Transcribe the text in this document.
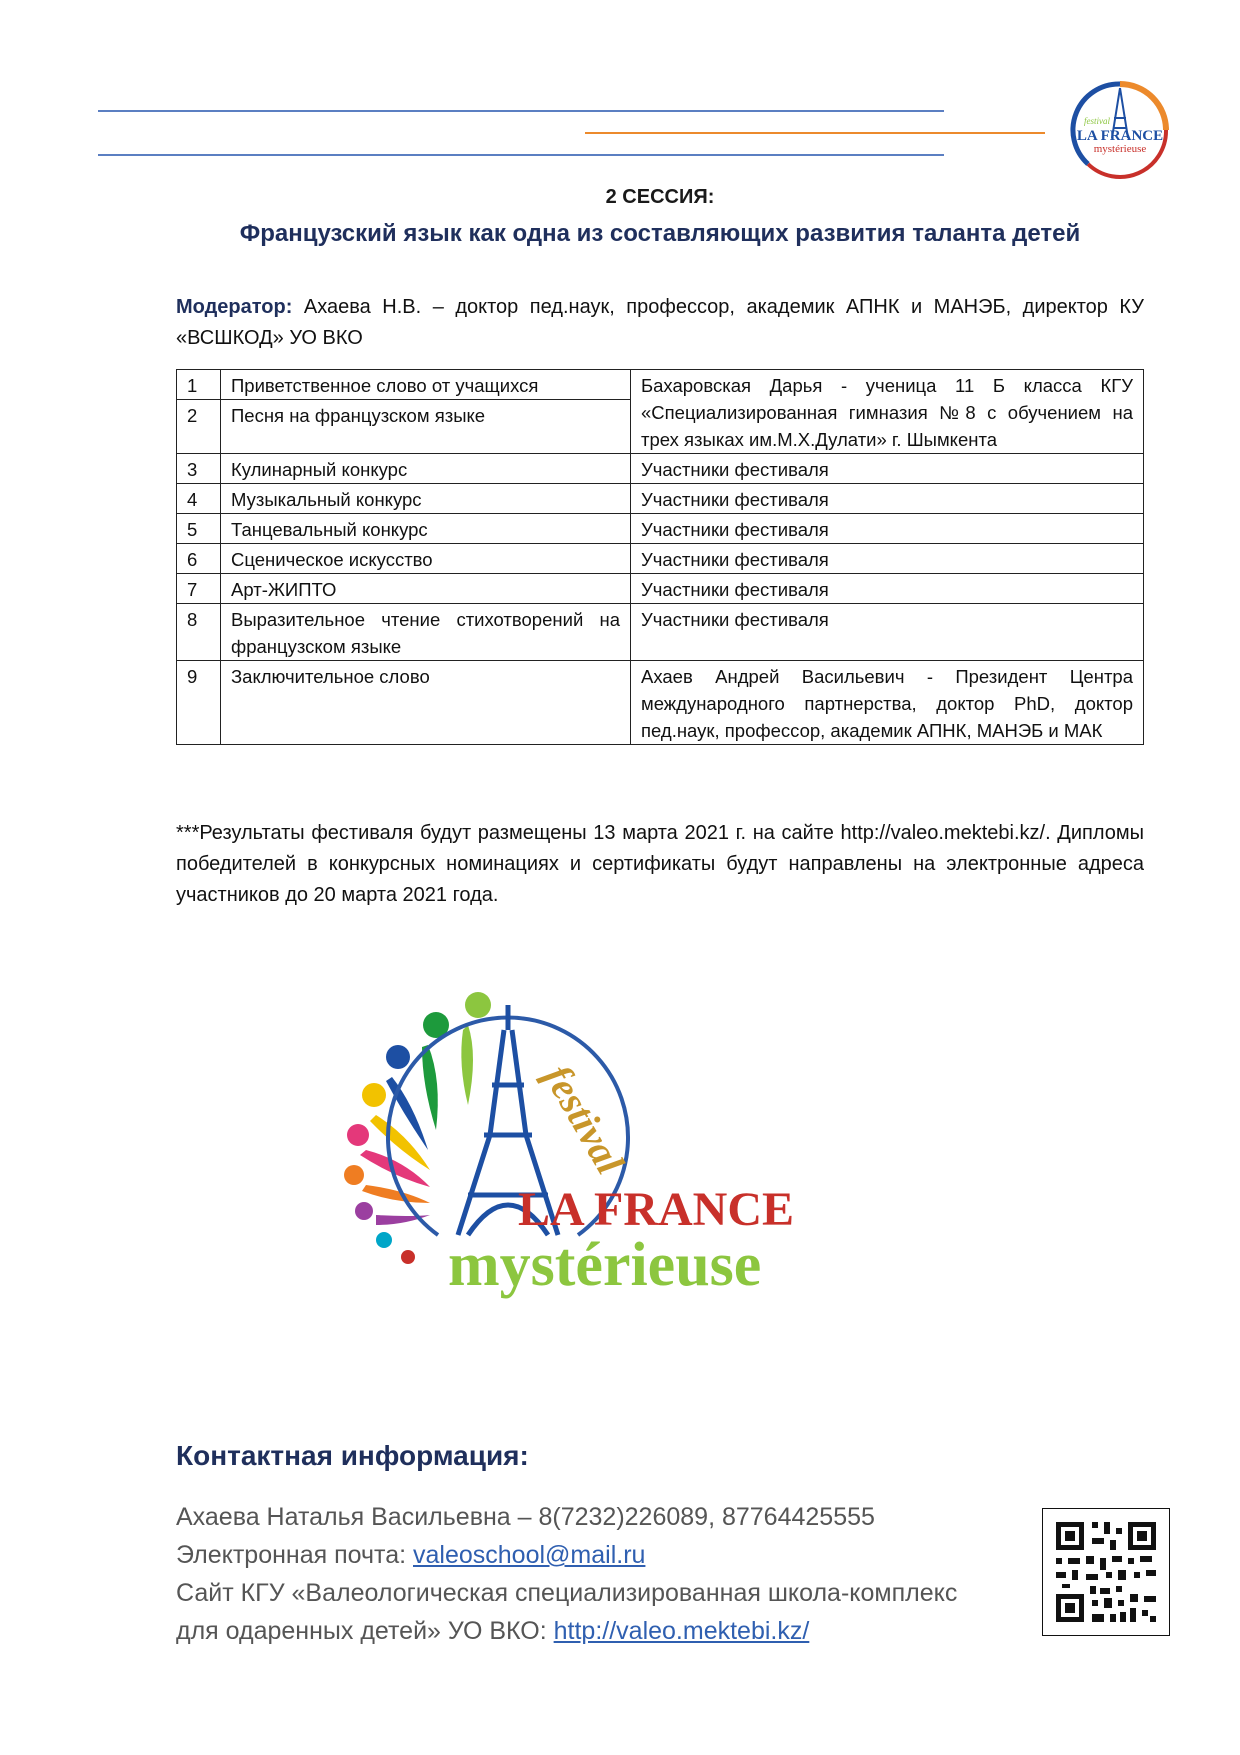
festival
LA FRANCE
mystérieuse
2 СЕССИЯ:
Французский язык как одна из составляющих развития таланта детей
Модератор: Ахаева Н.В. – доктор пед.наук, профессор, академик АПНК и МАНЭБ, директор КУ «ВСШКОД» УО ВКО
1	Приветственное слово от учащихся	Бахаровская Дарья - ученица 11 Б класса КГУ «Специализированная гимназия №8 с обучением на трех языках им.М.Х.Дулати» г. Шымкента
2	Песня на французском языке	
3	Кулинарный конкурс	Участники фестиваля
4	Музыкальный конкурс	Участники фестиваля
5	Танцевальный конкурс	Участники фестиваля
6	Сценическое искусство	Участники фестиваля
7	Арт-ЖИПТО	Участники фестиваля
8	Выразительное чтение стихотворений на французском языке	Участники фестиваля
9	Заключительное слово	Ахаев Андрей Васильевич - Президент Центра международного партнерства, доктор PhD, доктор пед.наук, профессор, академик АПНК, МАНЭБ и МАК
***Результаты фестиваля будут размещены 13 марта 2021 г. на сайте http://valeo.mektebi.kz/. Дипломы победителей в конкурсных номинациях и сертификаты будут направлены на электронные адреса участников до 20 марта 2021 года.
festival
LA FRANCE
mystérieuse
Контактная информация:
Ахаева Наталья Васильевна – 8(7232)226089, 87764425555
Электронная почта: valeoschool@mail.ru
Сайт КГУ «Валеологическая специализированная школа-комплекс
для одаренных детей» УО ВКО: http://valeo.mektebi.kz/
